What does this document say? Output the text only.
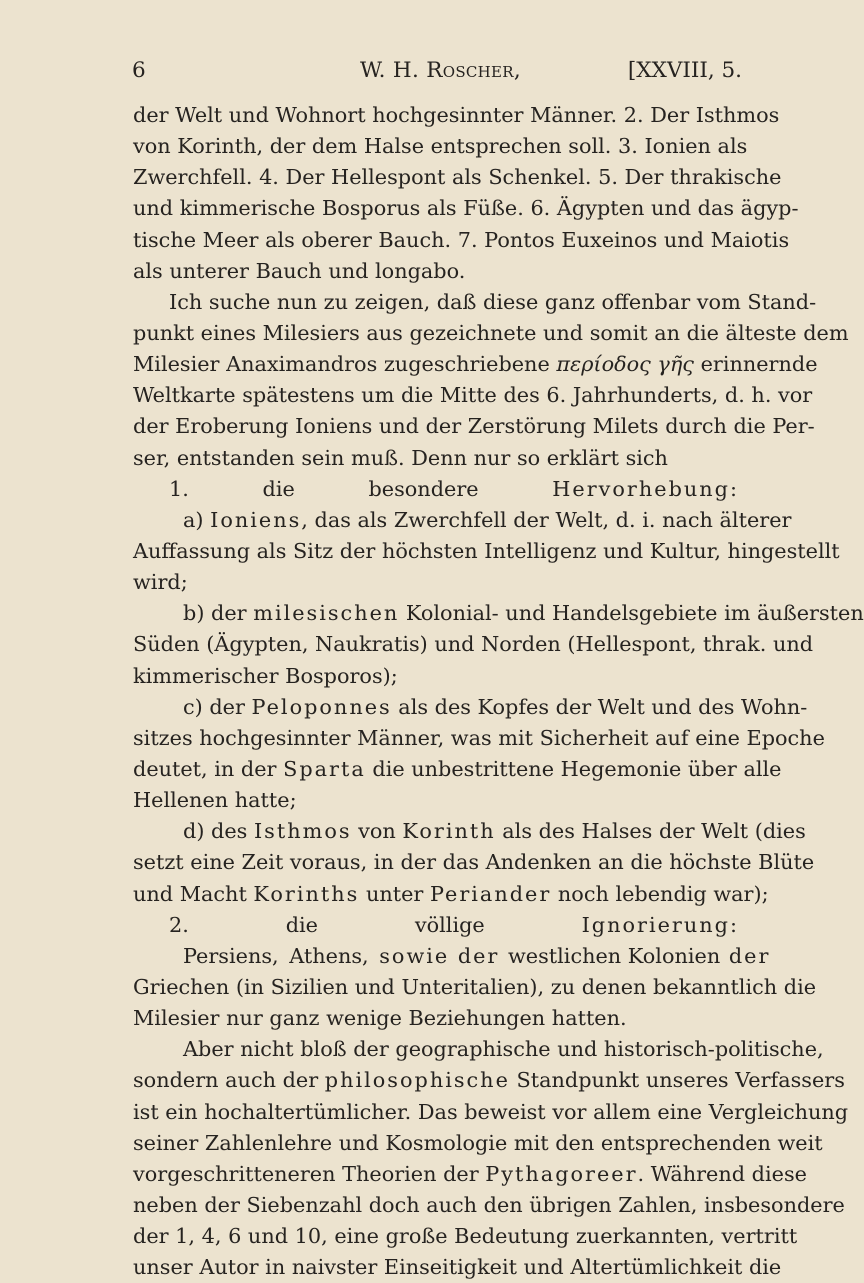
6	W. H. Roscher,	[XXVIII, 5.
der Welt und Wohnort hochgesinnter Männer. 2. Der Isthmos
von Korinth, der dem Halse entsprechen soll. 3. Ionien als
Zwerchfell. 4. Der Hellespont als Schenkel. 5. Der thrakische
und kimmerische Bosporus als Füße. 6. Ägypten und das ägyp-
tische Meer als oberer Bauch. 7. Pontos Euxeinos und Maiotis
als unterer Bauch und longabo.
Ich suche nun zu zeigen, daß diese ganz offenbar vom Stand-
punkt eines Milesiers aus gezeichnete und somit an die älteste dem
Milesier Anaximandros zugeschriebene περίοδος γῆς erinnernde
Weltkarte spätestens um die Mitte des 6. Jahrhunderts, d. h. vor
der Eroberung Ioniens und der Zerstörung Milets durch die Per-
ser, entstanden sein muß. Denn nur so erklärt sich
1. die besondere Hervorhebung:
a) Ioniens, das als Zwerchfell der Welt, d. i. nach älterer
Auffassung als Sitz der höchsten Intelligenz und Kultur, hingestellt
wird;
b) der milesischen Kolonial- und Handelsgebiete im äußersten
Süden (Ägypten, Naukratis) und Norden (Hellespont, thrak. und
kimmerischer Bosporos);
c) der Peloponnes als des Kopfes der Welt und des Wohn-
sitzes hochgesinnter Männer, was mit Sicherheit auf eine Epoche
deutet, in der Sparta die unbestrittene Hegemonie über alle
Hellenen hatte;
d) des Isthmos von Korinth als des Halses der Welt (dies
setzt eine Zeit voraus, in der das Andenken an die höchste Blüte
und Macht Korinths unter Periander noch lebendig war);
2. die völlige Ignorierung:
Persiens, Athens, sowie der westlichen Kolonien der
Griechen (in Sizilien und Unteritalien), zu denen bekanntlich die
Milesier nur ganz wenige Beziehungen hatten.
Aber nicht bloß der geographische und historisch-politische,
sondern auch der philosophische Standpunkt unseres Verfassers
ist ein hochaltertümlicher. Das beweist vor allem eine Vergleichung
seiner Zahlenlehre und Kosmologie mit den entsprechenden weit
vorgeschritteneren Theorien der Pythagoreer. Während diese
neben der Siebenzahl doch auch den übrigen Zahlen, insbesondere
der 1, 4, 6 und 10, eine große Bedeutung zuerkannten, vertritt
unser Autor in naivster Einseitigkeit und Altertümlichkeit die
